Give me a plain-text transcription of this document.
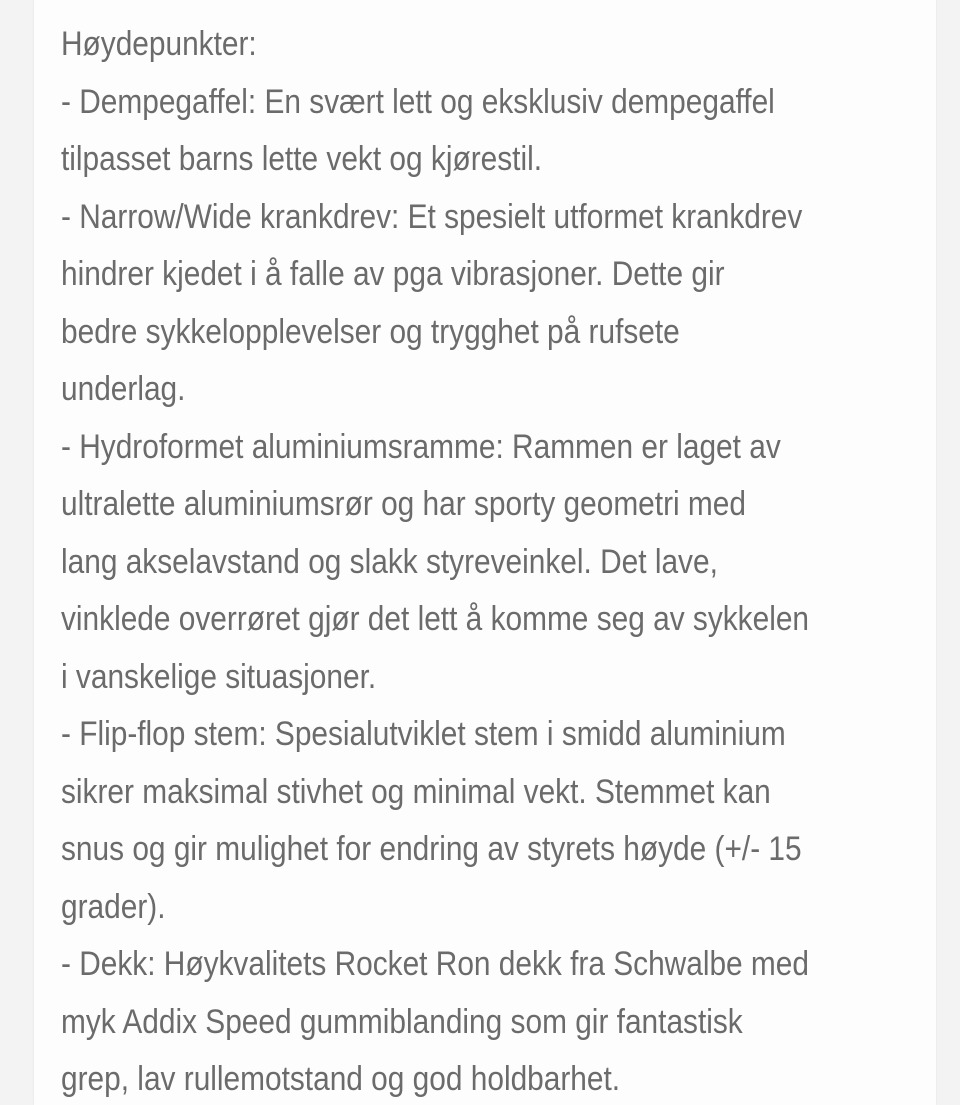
Høydepunkter:
- Dempegaffel: En svært lett og eksklusiv dempegaffel
tilpasset barns lette vekt og kjørestil.
- Narrow/Wide krankdrev: Et spesielt utformet krankdrev
hindrer kjedet i å falle av pga vibrasjoner. Dette gir
bedre sykkelopplevelser og trygghet på rufsete
underlag.
- Hydroformet aluminiumsramme: Rammen er laget av
ultralette aluminiumsrør og har sporty geometri med
lang akselavstand og slakk styreveinkel. Det lave,
vinklede overrøret gjør det lett å komme seg av sykkelen
i vanskelige situasjoner.
- Flip-flop stem: Spesialutviklet stem i smidd aluminium
sikrer maksimal stivhet og minimal vekt. Stemmet kan
snus og gir mulighet for endring av styrets høyde (+/- 15
grader).
- Dekk: Høykvalitets Rocket Ron dekk fra Schwalbe med
myk Addix Speed gummiblanding som gir fantastisk
grep, lav rullemotstand og god holdbarhet.
